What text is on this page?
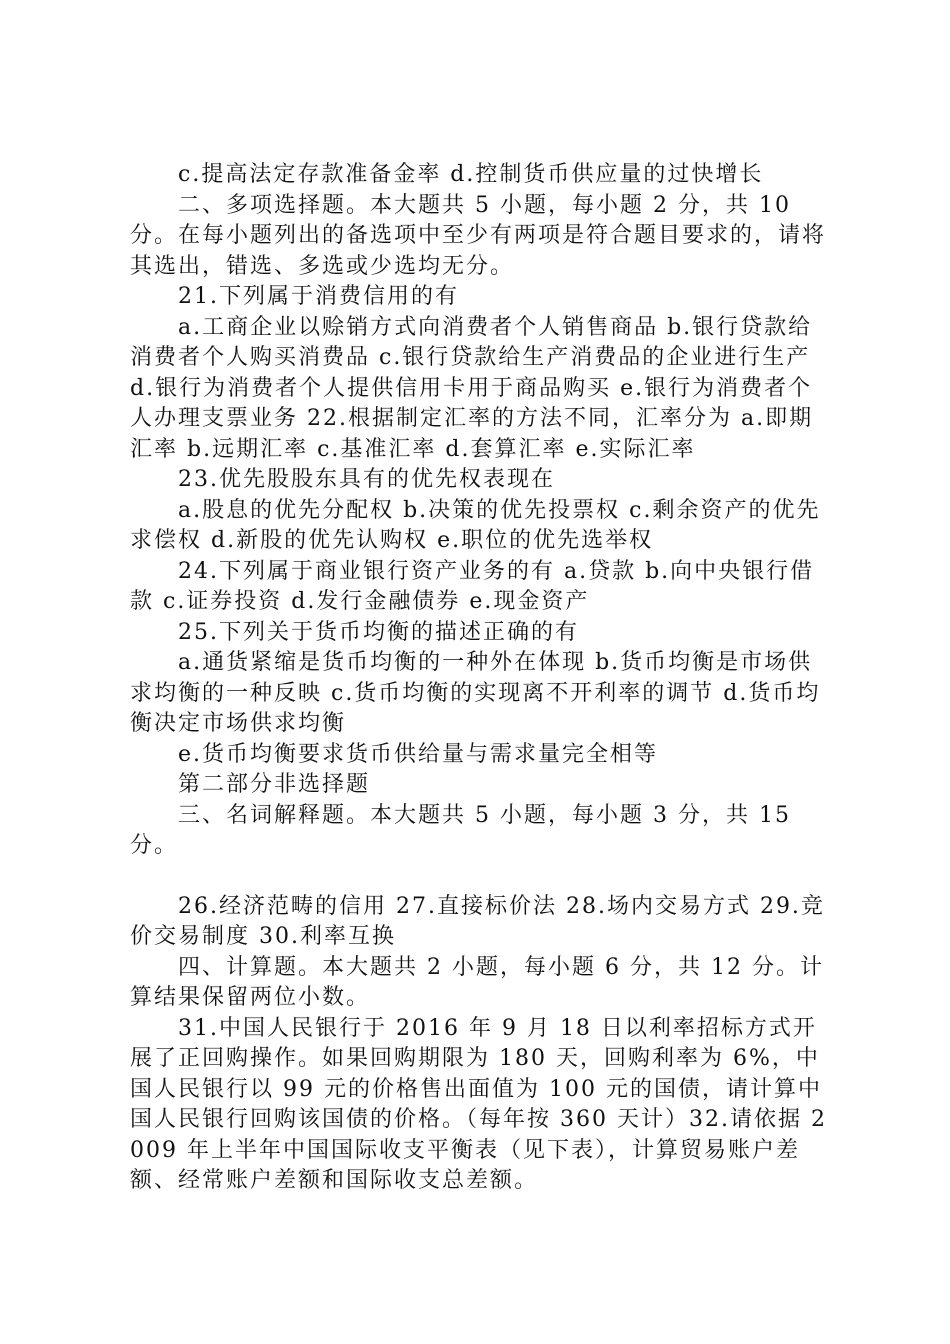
c.提高法定存款准备金率 d.控制货币供应量的过快增长

二、多项选择题。本大题共 5 小题，每小题 2 分，共 10 分。在每小题列出的备选项中至少有两项是符合题目要求的，请将其选出，错选、多选或少选均无分。

21.下列属于消费信用的有

a.工商企业以赊销方式向消费者个人销售商品 b.银行贷款给消费者个人购买消费品 c.银行贷款给生产消费品的企业进行生产 d.银行为消费者个人提供信用卡用于商品购买 e.银行为消费者个人办理支票业务 22.根据制定汇率的方法不同，汇率分为 a.即期汇率 b.远期汇率 c.基准汇率 d.套算汇率 e.实际汇率

23.优先股股东具有的优先权表现在

a.股息的优先分配权 b.决策的优先投票权 c.剩余资产的优先求偿权 d.新股的优先认购权 e.职位的优先选举权

24.下列属于商业银行资产业务的有 a.贷款 b.向中央银行借款 c.证券投资 d.发行金融债券 e.现金资产

25.下列关于货币均衡的描述正确的有

a.通货紧缩是货币均衡的一种外在体现 b.货币均衡是市场供求均衡的一种反映 c.货币均衡的实现离不开利率的调节 d.货币均衡决定市场供求均衡

e.货币均衡要求货币供给量与需求量完全相等

第二部分非选择题

三、名词解释题。本大题共 5 小题，每小题 3 分，共 15 分。

26.经济范畴的信用 27.直接标价法 28.场内交易方式 29.竞价交易制度 30.利率互换

四、计算题。本大题共 2 小题，每小题 6 分，共 12 分。计算结果保留两位小数。

31.中国人民银行于 2016 年 9 月 18 日以利率招标方式开展了正回购操作。如果回购期限为 180 天，回购利率为 6%，中国人民银行以 99 元的价格售出面值为 100 元的国债，请计算中国人民银行回购该国债的价格。（每年按 360 天计）32.请依据 2009 年上半年中国国际收支平衡表（见下表），计算贸易账户差额、经常账户差额和国际收支总差额。
